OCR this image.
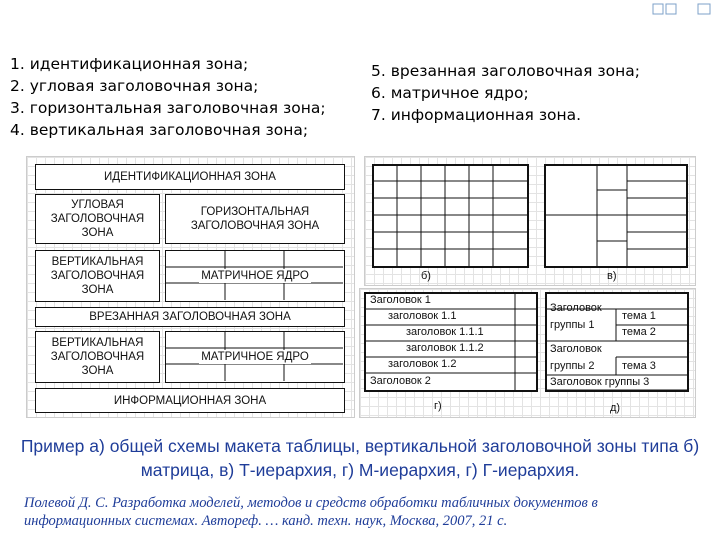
1. идентификационная зона;
2. угловая заголовочная зона;
3. горизонтальная заголовочная зона;
4. вертикальная заголовочная зона;
5. врезанная заголовочная зона;
6. матричное ядро;
7. информационная зона.
ИДЕНТИФИКАЦИОННАЯ ЗОНА
УГЛОВАЯ ЗАГОЛОВОЧНАЯ ЗОНА
ГОРИЗОНТАЛЬНАЯ ЗАГОЛОВОЧНАЯ ЗОНА
ВЕРТИКАЛЬНАЯ ЗАГОЛОВОЧНАЯ ЗОНА
МАТРИЧНОЕ ЯДРО
ВРЕЗАННАЯ ЗАГОЛОВОЧНАЯ ЗОНА
ВЕРТИКАЛЬНАЯ ЗАГОЛОВОЧНАЯ ЗОНА
МАТРИЧНОЕ ЯДРО
ИНФОРМАЦИОННАЯ ЗОНА
б)	в)
Заголовок 1
заголовок 1.1
заголовок 1.1.1
заголовок 1.1.2
заголовок 1.2
Заголовок 2
Заголовок
группы 1
тема 1
тема 2
Заголовок
группы 2	тема 3
Заголовок группы 3
г)	д)
Пример а) общей схемы макета таблицы, вертикальной заголовочной зоны типа б) матрица, в) Т-иерархия, г) М-иерархия, г) Г-иерархия.
Полевой Д. С. Разработка моделей, методов и средств обработки табличных документов в информационных системах. Автореф. … канд. техн. наук, Москва, 2007, 21 с.
